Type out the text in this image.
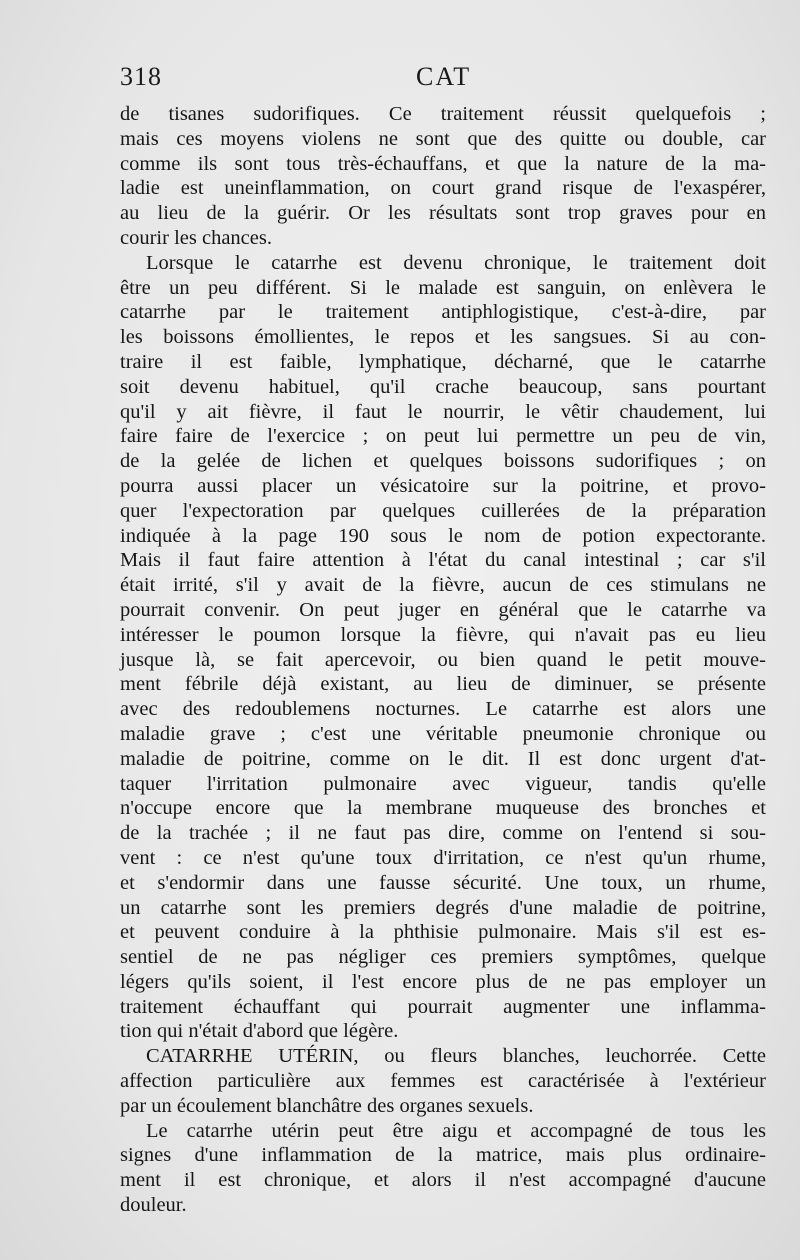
318	CAT
de tisanes sudorifiques. Ce traitement réussit quelquefois ;
mais ces moyens violens ne sont que des quitte ou double, car
comme ils sont tous très-échauffans, et que la nature de la ma-
ladie est uneinflammation, on court grand risque de l'exaspérer,
au lieu de la guérir. Or les résultats sont trop graves pour en
courir les chances.
Lorsque le catarrhe est devenu chronique, le traitement doit
être un peu différent. Si le malade est sanguin, on enlèvera le
catarrhe par le traitement antiphlogistique, c'est-à-dire, par
les boissons émollientes, le repos et les sangsues. Si au con-
traire il est faible, lymphatique, décharné, que le catarrhe
soit devenu habituel, qu'il crache beaucoup, sans pourtant
qu'il y ait fièvre, il faut le nourrir, le vêtir chaudement, lui
faire faire de l'exercice ; on peut lui permettre un peu de vin,
de la gelée de lichen et quelques boissons sudorifiques ; on
pourra aussi placer un vésicatoire sur la poitrine, et provo-
quer l'expectoration par quelques cuillerées de la préparation
indiquée à la page 190 sous le nom de potion expectorante.
Mais il faut faire attention à l'état du canal intestinal ; car s'il
était irrité, s'il y avait de la fièvre, aucun de ces stimulans ne
pourrait convenir. On peut juger en général que le catarrhe va
intéresser le poumon lorsque la fièvre, qui n'avait pas eu lieu
jusque là, se fait apercevoir, ou bien quand le petit mouve-
ment fébrile déjà existant, au lieu de diminuer, se présente
avec des redoublemens nocturnes. Le catarrhe est alors une
maladie grave ; c'est une véritable pneumonie chronique ou
maladie de poitrine, comme on le dit. Il est donc urgent d'at-
taquer l'irritation pulmonaire avec vigueur, tandis qu'elle
n'occupe encore que la membrane muqueuse des bronches et
de la trachée ; il ne faut pas dire, comme on l'entend si sou-
vent : ce n'est qu'une toux d'irritation, ce n'est qu'un rhume,
et s'endormir dans une fausse sécurité. Une toux, un rhume,
un catarrhe sont les premiers degrés d'une maladie de poitrine,
et peuvent conduire à la phthisie pulmonaire. Mais s'il est es-
sentiel de ne pas négliger ces premiers symptômes, quelque
légers qu'ils soient, il l'est encore plus de ne pas employer un
traitement échauffant qui pourrait augmenter une inflamma-
tion qui n'était d'abord que légère.
CATARRHE UTÉRIN, ou fleurs blanches, leuchorrée. Cette
affection particulière aux femmes est caractérisée à l'extérieur
par un écoulement blanchâtre des organes sexuels.
Le catarrhe utérin peut être aigu et accompagné de tous les
signes d'une inflammation de la matrice, mais plus ordinaire-
ment il est chronique, et alors il n'est accompagné d'aucune
douleur.
